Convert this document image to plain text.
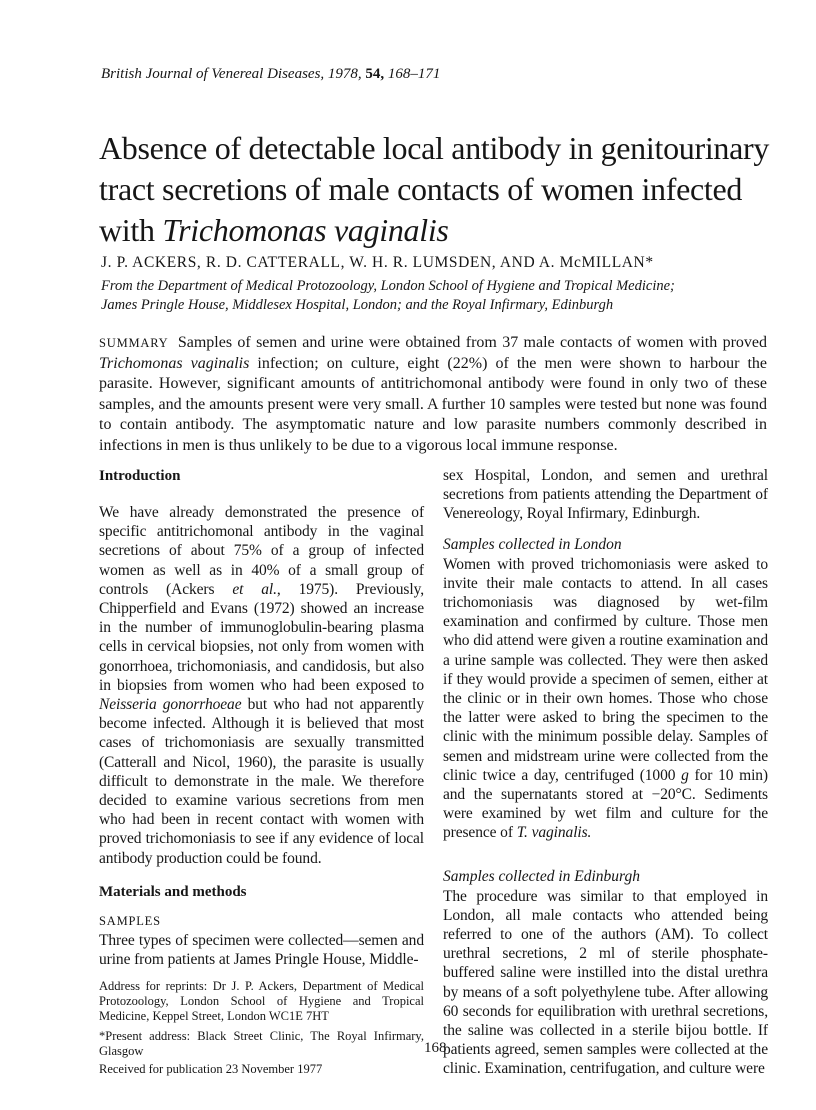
British Journal of Venereal Diseases, 1978, 54, 168–171
Absence of detectable local antibody in genitourinary tract secretions of male contacts of women infected with Trichomonas vaginalis
J. P. ACKERS, R. D. CATTERALL, W. H. R. LUMSDEN, AND A. McMILLAN*
From the Department of Medical Protozoology, London School of Hygiene and Tropical Medicine;
James Pringle House, Middlesex Hospital, London; and the Royal Infirmary, Edinburgh

SUMMARY Samples of semen and urine were obtained from 37 male contacts of women with proved Trichomonas vaginalis infection; on culture, eight (22%) of the men were shown to harbour the parasite. However, significant amounts of antitrichomonal antibody were found in only two of these samples, and the amounts present were very small. A further 10 samples were tested but none was found to contain antibody. The asymptomatic nature and low parasite numbers commonly described in infections in men is thus unlikely to be due to a vigorous local immune response.

Introduction

We have already demonstrated the presence of specific antitrichomonal antibody in the vaginal secretions of about 75% of a group of infected women as well as in 40% of a small group of controls (Ackers et al., 1975). Previously, Chipperfield and Evans (1972) showed an increase in the number of immunoglobulin-bearing plasma cells in cervical biopsies, not only from women with gonorrhoea, trichomoniasis, and candidosis, but also in biopsies from women who had been exposed to Neisseria gonorrhoeae but who had not apparently become infected. Although it is believed that most cases of trichomoniasis are sexually transmitted (Catterall and Nicol, 1960), the parasite is usually difficult to demonstrate in the male. We therefore decided to examine various secretions from men who had been in recent contact with women with proved trichomoniasis to see if any evidence of local antibody production could be found.

Materials and methods
SAMPLES

Three types of specimen were collected—semen and urine from patients at James Pringle House, Middle-

Address for reprints: Dr J. P. Ackers, Department of Medical Protozoology, London School of Hygiene and Tropical Medicine, Keppel Street, London WC1E 7HT

*Present address: Black Street Clinic, The Royal Infirmary, Glasgow

Received for publication 23 November 1977

sex Hospital, London, and semen and urethral secretions from patients attending the Department of Venereology, Royal Infirmary, Edinburgh.

Samples collected in London

Women with proved trichomoniasis were asked to invite their male contacts to attend. In all cases trichomoniasis was diagnosed by wet-film examination and confirmed by culture. Those men who did attend were given a routine examination and a urine sample was collected. They were then asked if they would provide a specimen of semen, either at the clinic or in their own homes. Those who chose the latter were asked to bring the specimen to the clinic with the minimum possible delay. Samples of semen and midstream urine were collected from the clinic twice a day, centrifuged (1000 g for 10 min) and the supernatants stored at −20°C. Sediments were examined by wet film and culture for the presence of T. vaginalis.

Samples collected in Edinburgh

The procedure was similar to that employed in London, all male contacts who attended being referred to one of the authors (AM). To collect urethral secretions, 2 ml of sterile phosphate-buffered saline were instilled into the distal urethra by means of a soft polyethylene tube. After allowing 60 seconds for equilibration with urethral secretions, the saline was collected in a sterile bijou bottle. If patients agreed, semen samples were collected at the clinic. Examination, centrifugation, and culture were

168
